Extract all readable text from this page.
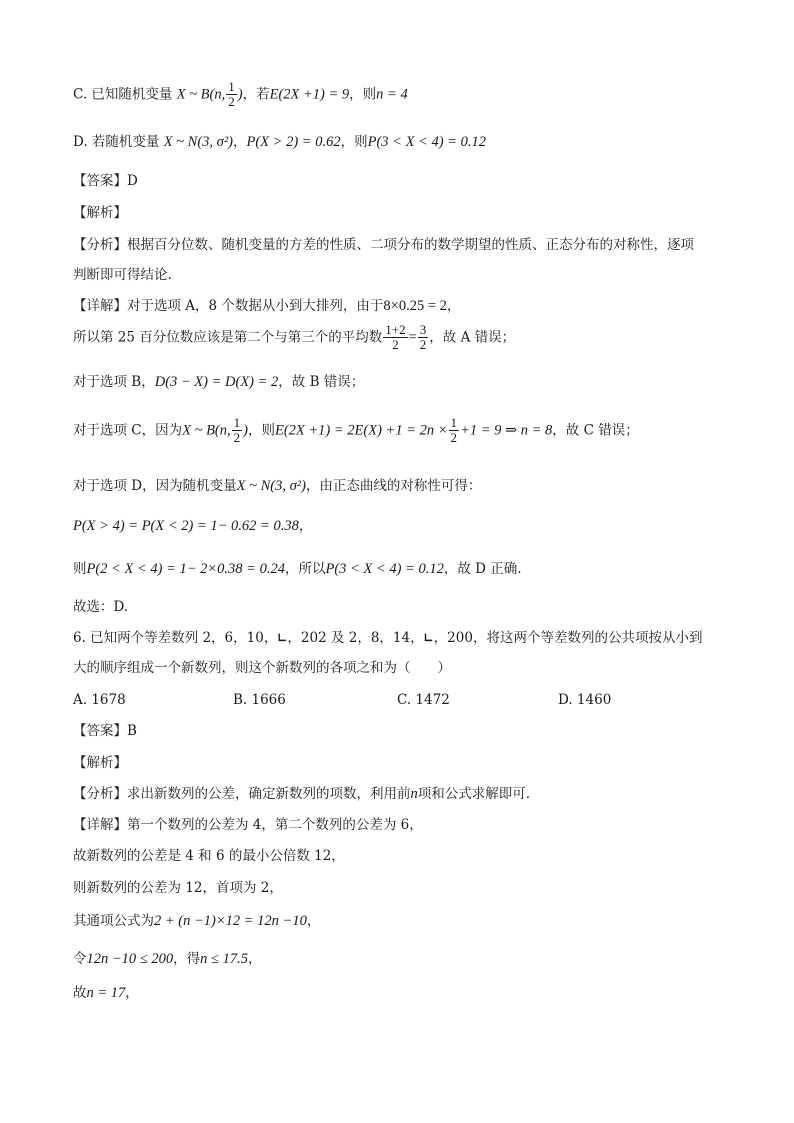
C. 已知随机变量 X ~ B(n, $\frac{1}{2}$ )，若E(2X +1) = 9，则n = 4
D. 若随机变量 X ~ N(3, σ²)，P(X > 2) = 0.62，则P(3 < X < 4) = 0.12
【答案】D
【解析】
【分析】根据百分位数、随机变量的方差的性质、二项分布的数学期望的性质、正态分布的对称性，逐项
判断即可得结论.
【详解】对于选项 A，8 个数据从小到大排列，由于8×0.25 = 2，
所以第 25 百分位数应该是第二个与第三个的平均数 $\frac{1+2}{2} = \frac{3}{2}$ ，故 A 错误；
对于选项 B，D(3 − X) = D(X) = 2，故 B 错误；
对于选项 C，因为X ~ B(n, $\frac{1}{2}$ )，则$E(2X +1) = 2E(X) +1 = 2n \times \frac{1}{2} +1 = 9$ ⇒ n = 8，故 C 错误；
对于选项 D，因为随机变量X ~ N(3, σ²)，由正态曲线的对称性可得：
P(X > 4) = P(X < 2) = 1− 0.62 = 0.38，
则P(2 < X < 4) = 1− 2×0.38 = 0.24，所以P(3 < X < 4) = 0.12，故 D 正确.
故选：D.
6. 已知两个等差数列 2，6，10，∟，202 及 2，8，14，∟，200，将这两个等差数列的公共项按从小到
大的顺序组成一个新数列，则这个新数列的各项之和为（　　）
A. 1678	B. 1666	C. 1472	D. 1460
【答案】B
【解析】
【分析】求出新数列的公差，确定新数列的项数，利用前n项和公式求解即可.
【详解】第一个数列的公差为 4，第二个数列的公差为 6，
故新数列的公差是 4 和 6 的最小公倍数 12，
则新数列的公差为 12，首项为 2，
其通项公式为2 + (n −1)×12 = 12n −10，
令12n −10 ≤ 200，得n ≤ 17.5，
故n = 17，
